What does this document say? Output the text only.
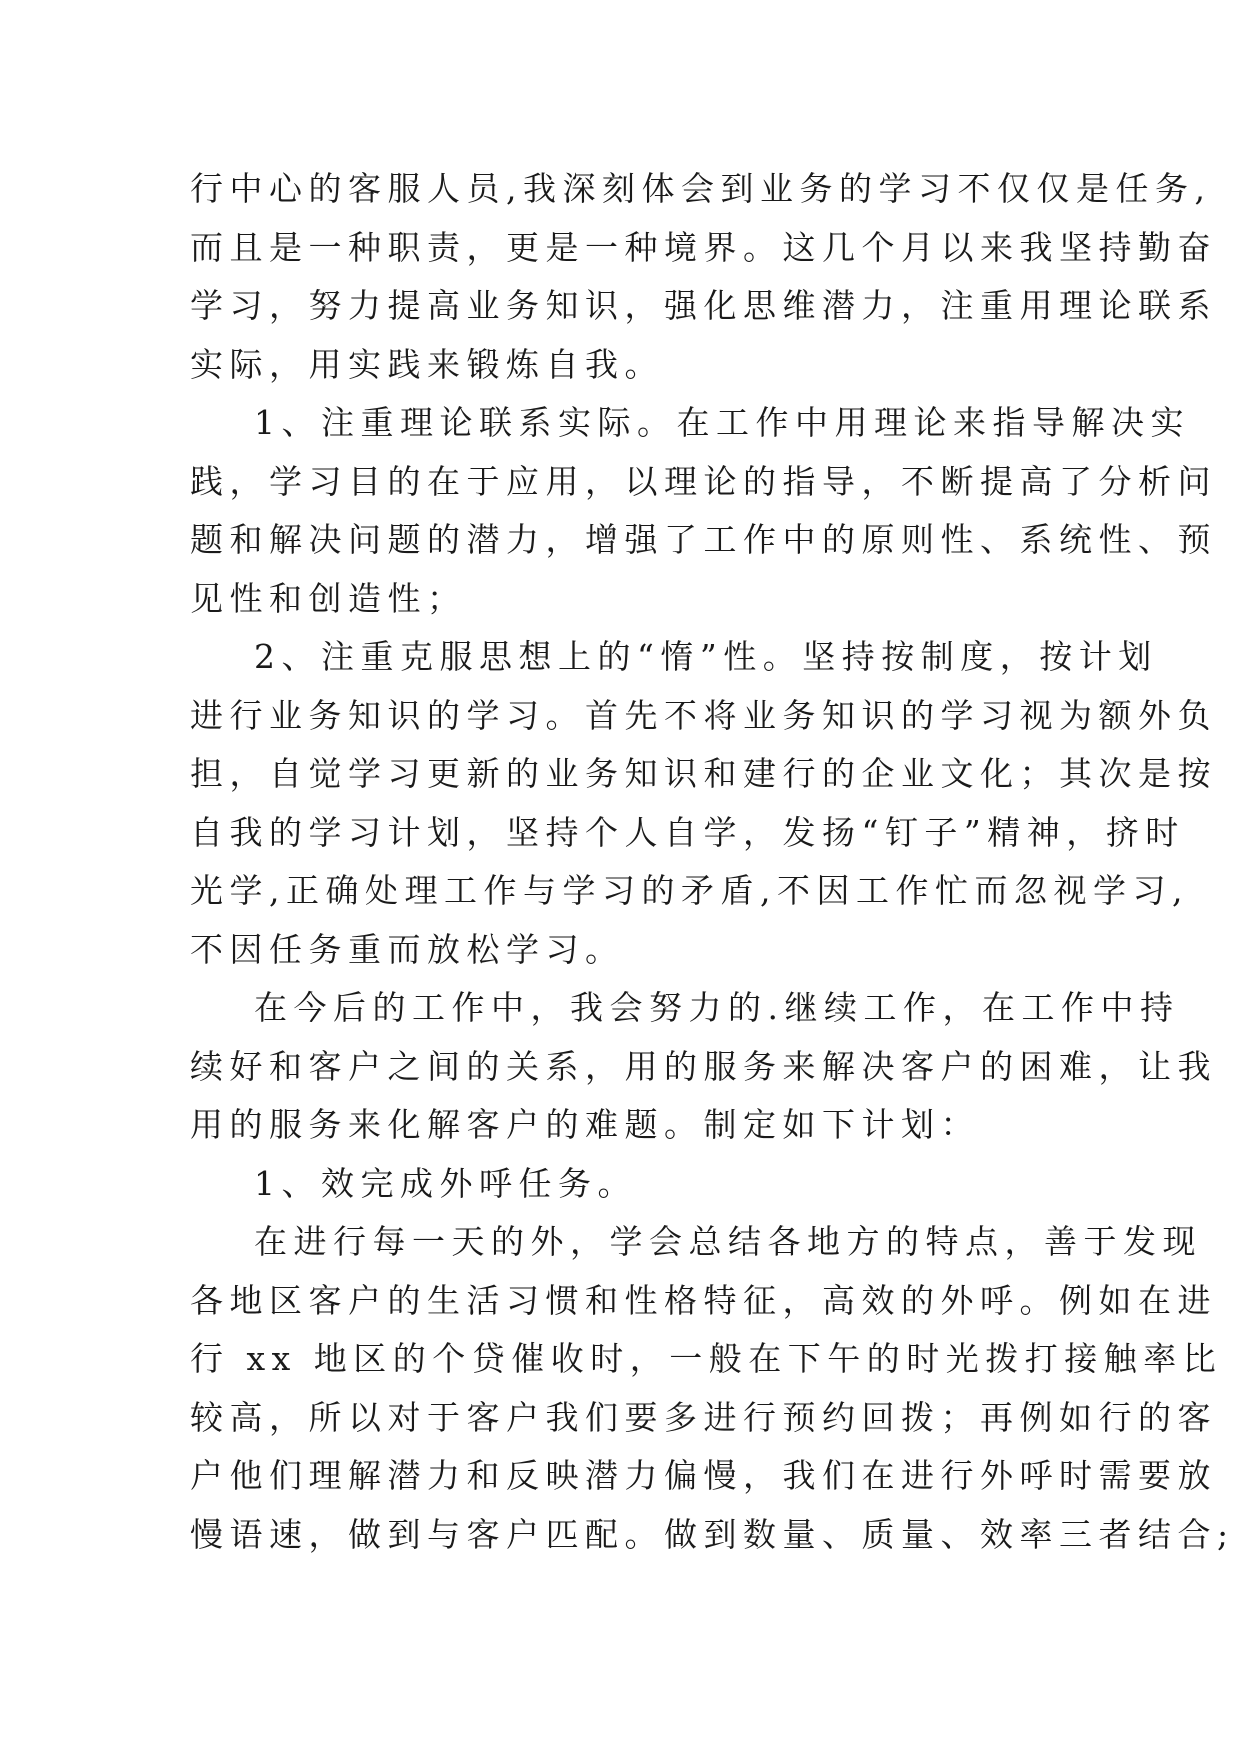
行中心的客服人员,我深刻体会到业务的学习不仅仅是任务,
而且是一种职责，更是一种境界。这几个月以来我坚持勤奋
学习，努力提高业务知识，强化思维潜力，注重用理论联系
实际，用实践来锻炼自我。
1、注重理论联系实际。在工作中用理论来指导解决实
践，学习目的在于应用，以理论的指导，不断提高了分析问
题和解决问题的潜力，增强了工作中的原则性、系统性、预
见性和创造性；
2、注重克服思想上的“惰”性。坚持按制度，按计划
进行业务知识的学习。首先不将业务知识的学习视为额外负
担，自觉学习更新的业务知识和建行的企业文化；其次是按
自我的学习计划，坚持个人自学，发扬“钉子”精神，挤时
光学,正确处理工作与学习的矛盾,不因工作忙而忽视学习,
不因任务重而放松学习。
在今后的工作中，我会努力的.继续工作，在工作中持
续好和客户之间的关系，用的服务来解决客户的困难，让我
用的服务来化解客户的难题。制定如下计划：
1、效完成外呼任务。
在进行每一天的外，学会总结各地方的特点，善于发现
各地区客户的生活习惯和性格特征，高效的外呼。例如在进
行 xx 地区的个贷催收时，一般在下午的时光拨打接触率比
较高，所以对于客户我们要多进行预约回拨；再例如行的客
户他们理解潜力和反映潜力偏慢，我们在进行外呼时需要放
慢语速，做到与客户匹配。做到数量、质量、效率三者结合;
